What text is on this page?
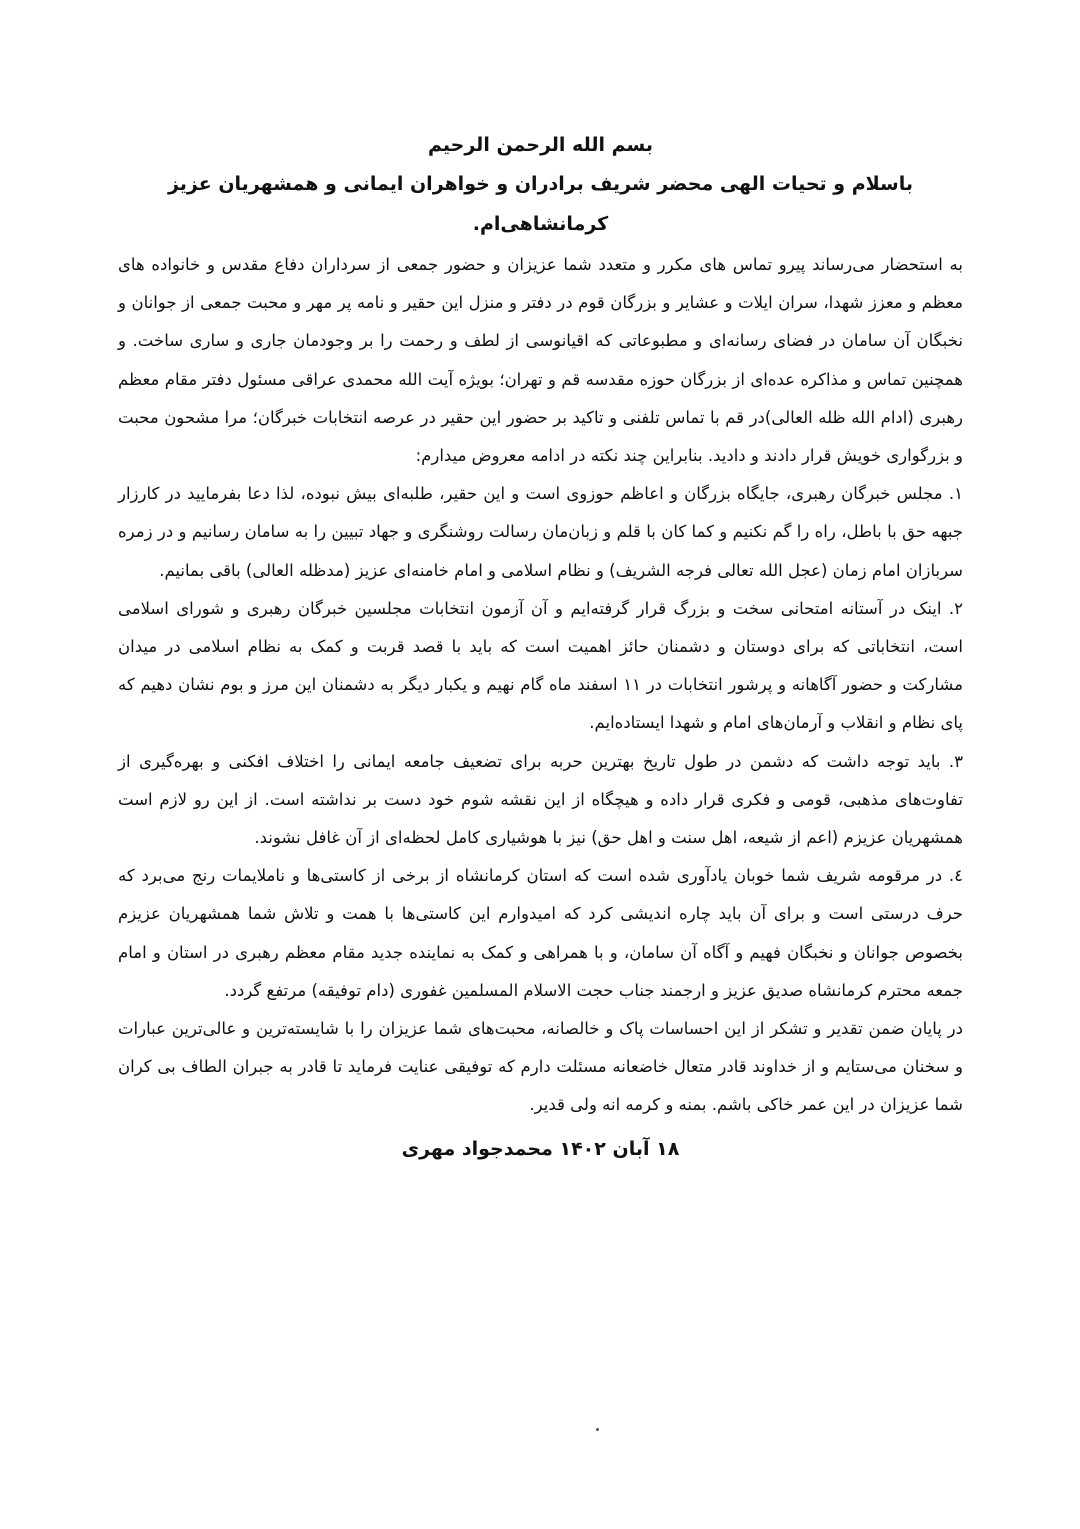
بسم الله الرحمن الرحیم

باسلام و تحیات الهی محضر شریف برادران و خواهران ایمانی و همشهریان عزیز کرمانشاهی‌ام.

به استحضار می‌رساند پیرو تماس های مکرر و متعدد شما عزیزان و حضور جمعی از سرداران دفاع مقدس و خانواده های معظم و معزز شهدا، سران ایلات و عشایر و بزرگان قوم در دفتر و منزل این حقیر و نامه پر مهر و محبت جمعی از جوانان و نخبگان آن سامان در فضای رسانه‌ای و مطبوعاتی که اقیانوسی از لطف و رحمت را بر وجودمان جاری و ساری ساخت. و همچنین تماس و مذاکره عده‌ای از بزرگان حوزه مقدسه قم و تهران؛ بویژه آیت الله محمدی عراقی مسئول دفتر مقام معظم رهبری (ادام الله ظله العالی)در قم با تماس تلفنی و تاکید بر حضور این حقیر در عرصه انتخابات خبرگان؛ مرا مشحون محبت و بزرگواری خویش قرار دادند و دادید. بنابراین چند نکته در ادامه معروض میدارم:

۱. مجلس خبرگان رهبری، جایگاه بزرگان و اعاظم حوزوی است و این حقیر، طلبه‌ای بیش نبوده، لذا دعا بفرمایید در کارزار جبهه حق با باطل، راه را گم نکنیم و کما کان با قلم و زبان‌مان رسالت روشنگری و جهاد تبیین را به سامان رسانیم و در زمره سربازان امام زمان (عجل الله تعالی فرجه الشریف) و نظام اسلامی و امام خامنه‌ای عزیز (مدظله العالی) باقی بمانیم.

۲. اینک در آستانه امتحانی سخت و بزرگ قرار گرفته‌ایم و آن آزمون انتخابات مجلسین خبرگان رهبری و شورای اسلامی است، انتخاباتی که برای دوستان و دشمنان حائز اهمیت است که باید با قصد قربت و کمک به نظام اسلامی در میدان مشارکت و حضور آگاهانه و پرشور انتخابات در ۱۱ اسفند ماه گام نهیم و یکبار دیگر به دشمنان این مرز و بوم نشان دهیم که پای نظام و انقلاب و آرمان‌های امام و شهدا ایستاده‌ایم.

۳. باید توجه داشت که دشمن در طول تاریخ بهترین حربه برای تضعیف جامعه ایمانی را اختلاف افکنی و بهره‌گیری از تفاوت‌های مذهبی، قومی و فکری قرار داده و هیچگاه از این نقشه شوم خود دست بر نداشته است. از این رو لازم است همشهریان عزیزم (اعم از شیعه، اهل سنت و اهل حق) نیز با هوشیاری کامل لحظه‌ای از آن غافل نشوند.

٤. در مرقومه شریف شما خوبان یادآوری شده است که استان کرمانشاه از برخی از کاستی‌ها و ناملایمات رنج می‌برد که حرف درستی است و برای آن باید چاره اندیشی کرد که امیدوارم این کاستی‌ها با همت و تلاش شما همشهریان عزیزم بخصوص جوانان و نخبگان فهیم و آگاه آن سامان، و با همراهی و کمک به نماینده جدید مقام معظم رهبری در استان و امام جمعه محترم کرمانشاه صدیق عزیز و ارجمند جناب حجت الاسلام المسلمین غفوری (دام توفیقه) مرتفع گردد.

در پایان ضمن تقدیر و تشکر از این احساسات پاک و خالصانه، محبت‌های شما عزیزان را با شایسته‌ترین و عالی‌ترین عبارات و سخنان می‌ستایم و از خداوند قادر متعال خاضعانه مسئلت دارم که توفیقی عنایت فرماید تا قادر به جبران الطاف بی کران شما عزیزان در این عمر خاکی باشم. بمنه و کرمه انه ولی قدیر.

۱۸ آبان ۱۴۰۲ محمدجواد مهری
